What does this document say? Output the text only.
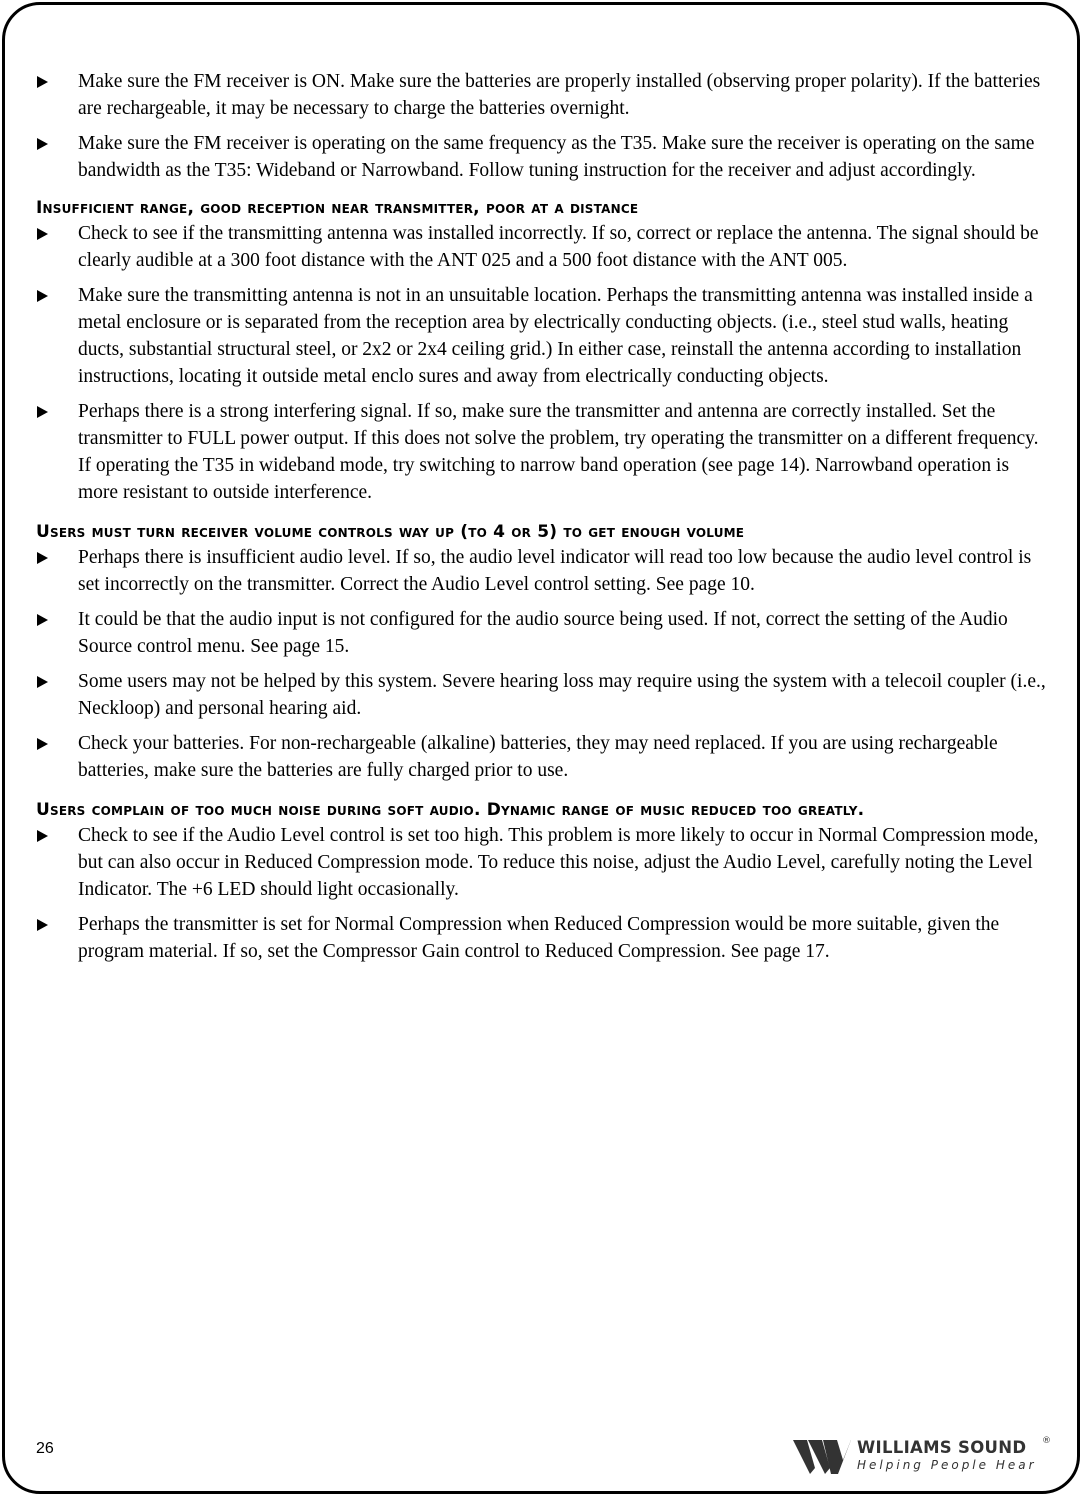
Make sure the FM receiver is ON. Make sure the batteries are properly installed (observing proper polarity). If the batteries are rechargeable, it may be necessary to charge the batteries overnight.
Make sure the FM receiver is operating on the same frequency as the T35. Make sure the receiver is operating on the same bandwidth as the T35: Wideband or Narrowband. Follow tuning instruction for the receiver and adjust accordingly.
Insufficient range, good reception near transmitter, poor at a distance
Check to see if the transmitting antenna was installed incorrectly. If so, correct or replace the antenna. The signal should be clearly audible at a 300 foot distance with the ANT 025 and a 500 foot distance with the ANT 005.
Make sure the transmitting antenna is not in an unsuitable location. Perhaps the transmitting antenna was installed inside a metal enclosure or is separated from the reception area by electrically conducting objects. (i.e., steel stud walls, heating ducts, substantial structural steel, or 2x2 or 2x4 ceiling grid.) In either case, reinstall the antenna according to installation instructions, locating it outside metal enclo sures and away from electrically conducting objects.
Perhaps there is a strong interfering signal. If so, make sure the transmitter and antenna are correctly installed. Set the transmitter to FULL power output. If this does not solve the problem, try operating the transmitter on a different frequency. If operating the T35 in wideband mode, try switching to narrow band operation (see page 14). Narrowband operation is more resistant to outside interference.
Users must turn receiver volume controls way up (to 4 or 5) to get enough volume
Perhaps there is insufficient audio level. If so, the audio level indicator will read too low because the audio level control is set incorrectly on the transmitter. Correct the Audio Level control setting. See page 10.
It could be that the audio input is not configured for the audio source being used. If not, correct the setting of the Audio Source control menu. See page 15.
Some users may not be helped by this system. Severe hearing loss may require using the system with a telecoil coupler (i.e., Neckloop) and personal hearing aid.
Check your batteries. For non-rechargeable (alkaline) batteries, they may need replaced. If you are using rechargeable batteries, make sure the batteries are fully charged prior to use.
Users complain of too much noise during soft audio. Dynamic range of music reduced too greatly.
Check to see if the Audio Level control is set too high. This problem is more likely to occur in Normal Compression mode, but can also occur in Reduced Compression mode. To reduce this noise, adjust the Audio Level, carefully noting the Level Indicator. The +6 LED should light occasionally.
Perhaps the transmitter is set for Normal Compression when Reduced Compression would be more suitable, given the program material. If so, set the Compressor Gain control to Reduced Compression. See page 17.
26	WILLIAMS SOUND ®
Helping People Hear
